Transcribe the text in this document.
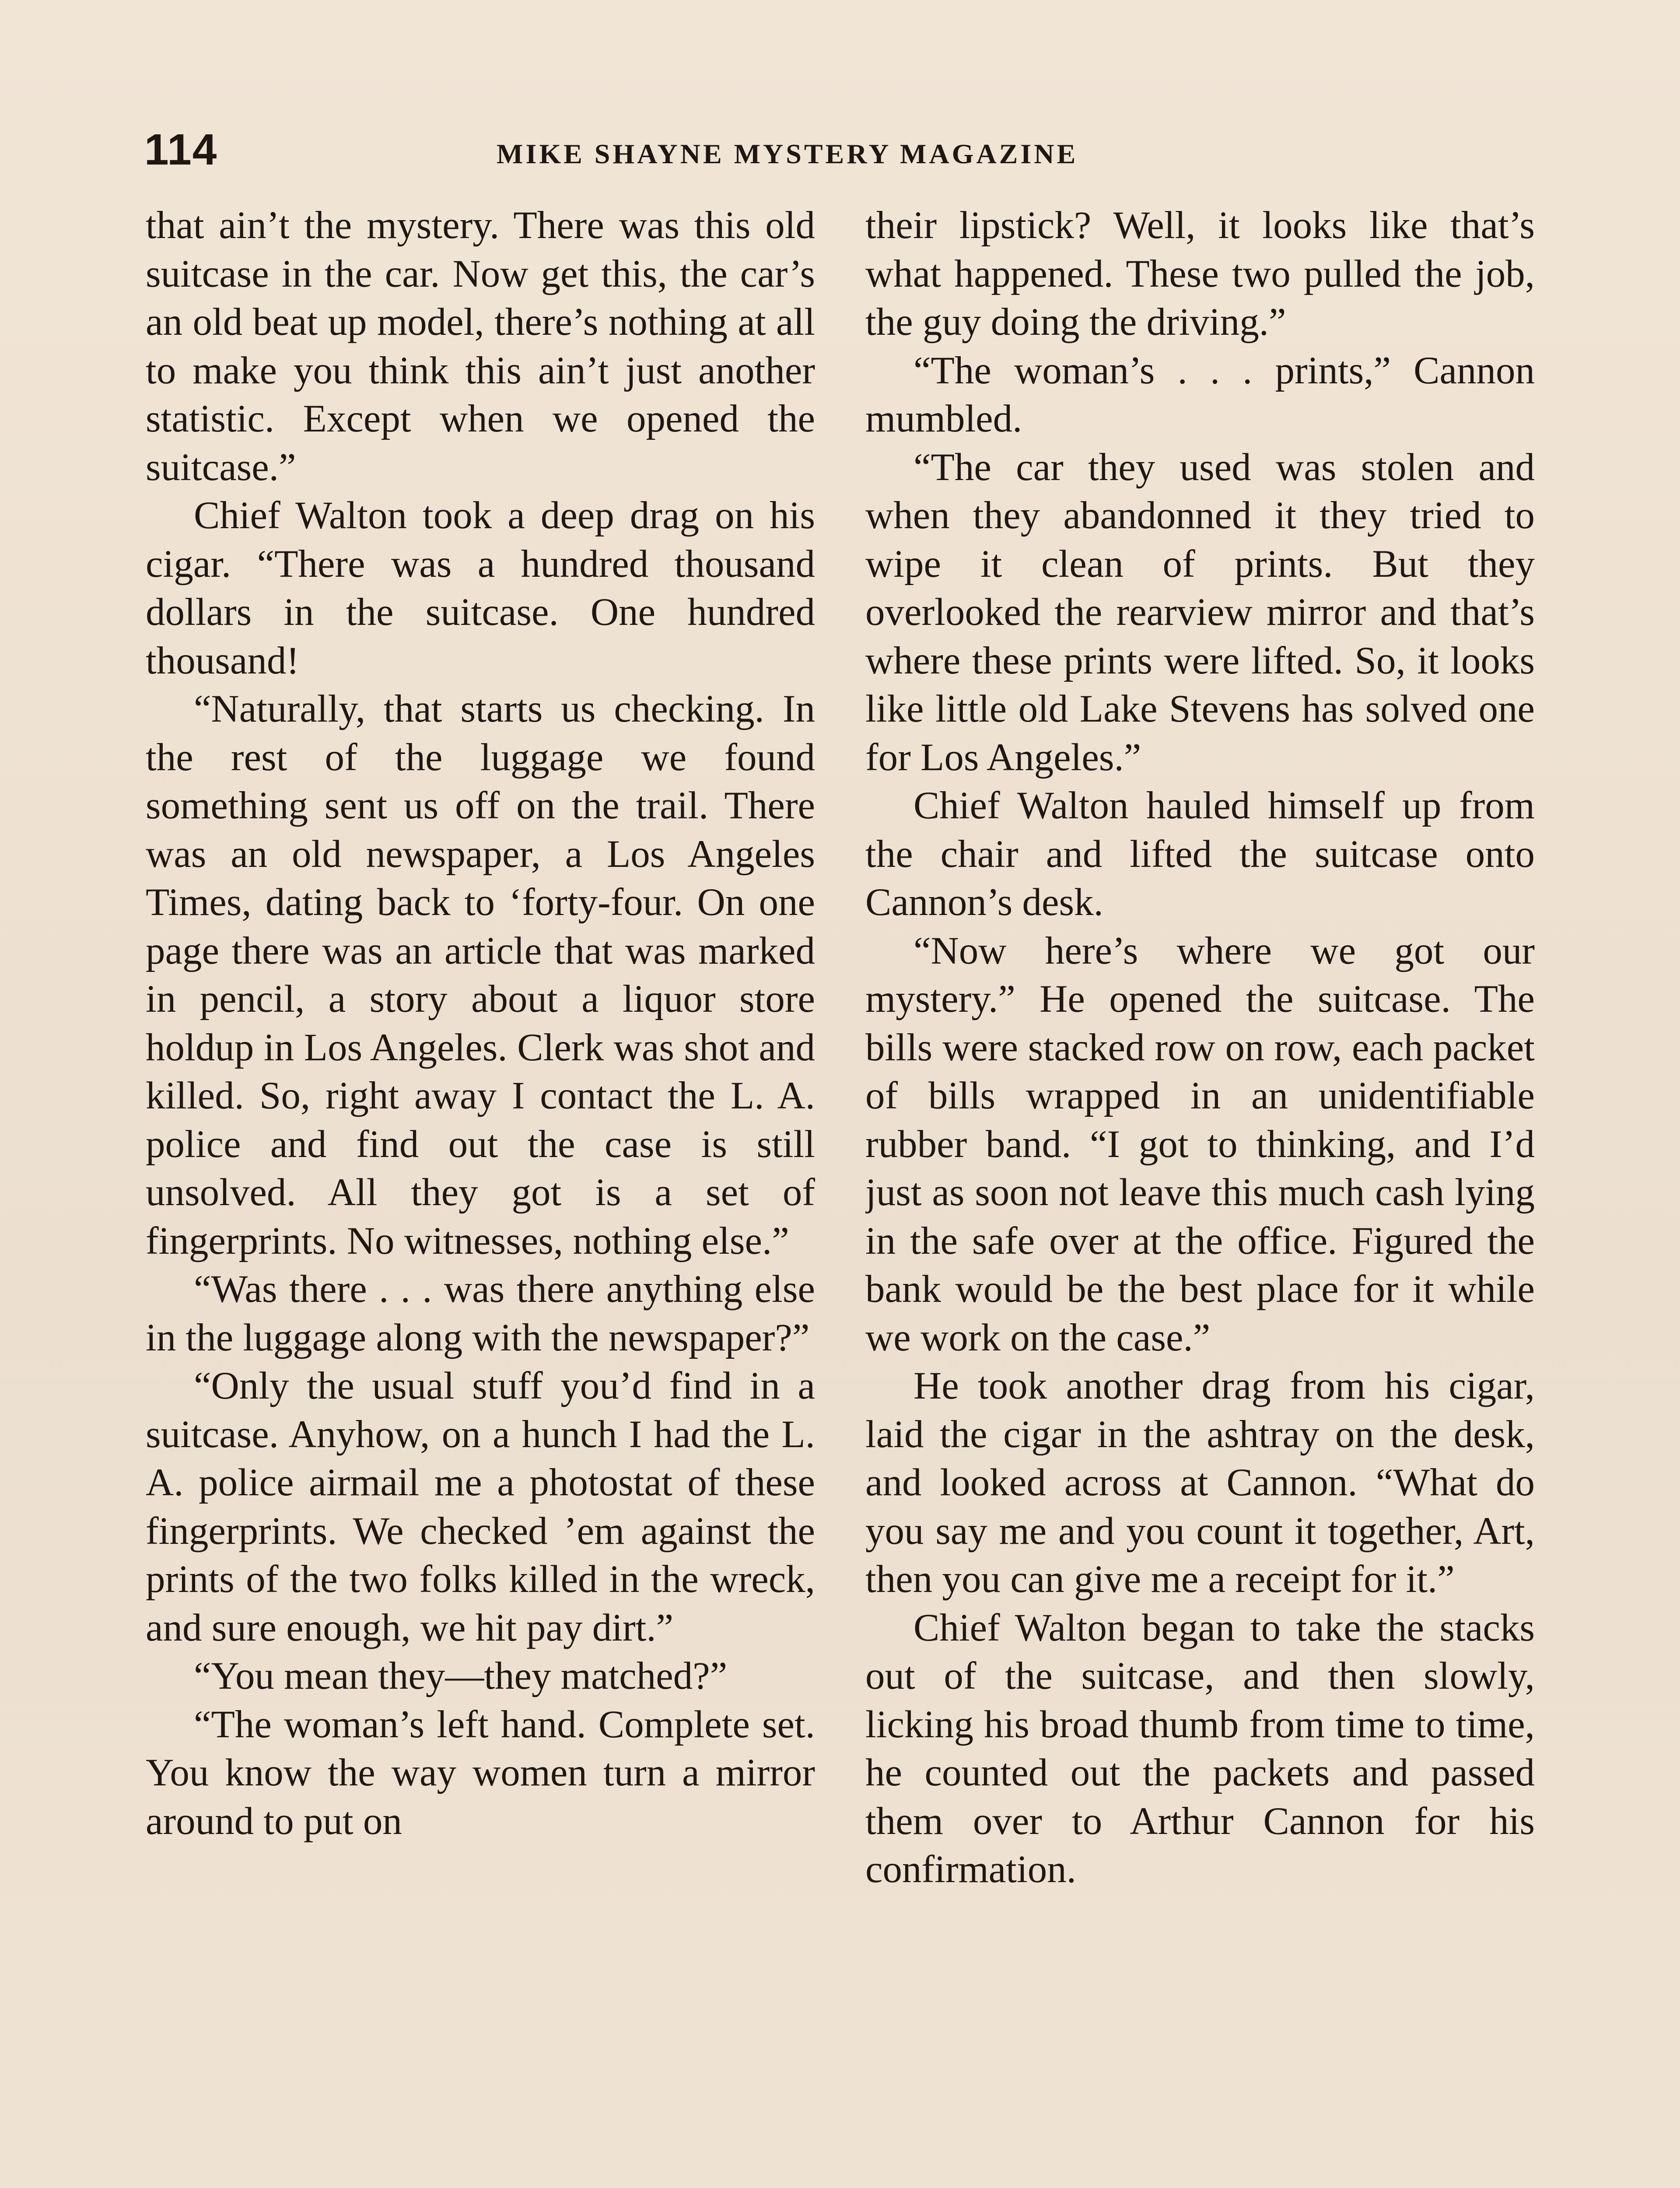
114	MIKE SHAYNE MYSTERY MAGAZINE

that ain’t the mystery. There was this old suitcase in the car. Now get this, the car’s an old beat up model, there’s nothing at all to make you think this ain’t just another statistic. Except when we opened the suitcase.”

Chief Walton took a deep drag on his cigar. “There was a hundred thousand dollars in the suitcase. One hundred thousand!

“Naturally, that starts us checking. In the rest of the luggage we found something sent us off on the trail. There was an old newspaper, a Los Angeles Times, dating back to ‘forty-four. On one page there was an article that was marked in pencil, a story about a liquor store holdup in Los Angeles. Clerk was shot and killed. So, right away I contact the L. A. police and find out the case is still unsolved. All they got is a set of fingerprints. No witnesses, nothing else.”

“Was there . . . was there anything else in the luggage along with the newspaper?”

“Only the usual stuff you’d find in a suitcase. Anyhow, on a hunch I had the L. A. police airmail me a photostat of these fingerprints. We checked ’em against the prints of the two folks killed in the wreck, and sure enough, we hit pay dirt.”

“You mean they—they matched?”

“The woman’s left hand. Complete set. You know the way women turn a mirror around to put on

their lipstick? Well, it looks like that’s what happened. These two pulled the job, the guy doing the driving.”

“The woman’s . . . prints,” Cannon mumbled.

“The car they used was stolen and when they abandonned it they tried to wipe it clean of prints. But they overlooked the rearview mirror and that’s where these prints were lifted. So, it looks like little old Lake Stevens has solved one for Los Angeles.”

Chief Walton hauled himself up from the chair and lifted the suitcase onto Cannon’s desk.

“Now here’s where we got our mystery.” He opened the suitcase. The bills were stacked row on row, each packet of bills wrapped in an unidentifiable rubber band. “I got to thinking, and I’d just as soon not leave this much cash lying in the safe over at the office. Figured the bank would be the best place for it while we work on the case.”

He took another drag from his cigar, laid the cigar in the ashtray on the desk, and looked across at Cannon. “What do you say me and you count it together, Art, then you can give me a receipt for it.”

Chief Walton began to take the stacks out of the suitcase, and then slowly, licking his broad thumb from time to time, he counted out the packets and passed them over to Arthur Cannon for his confirmation.
